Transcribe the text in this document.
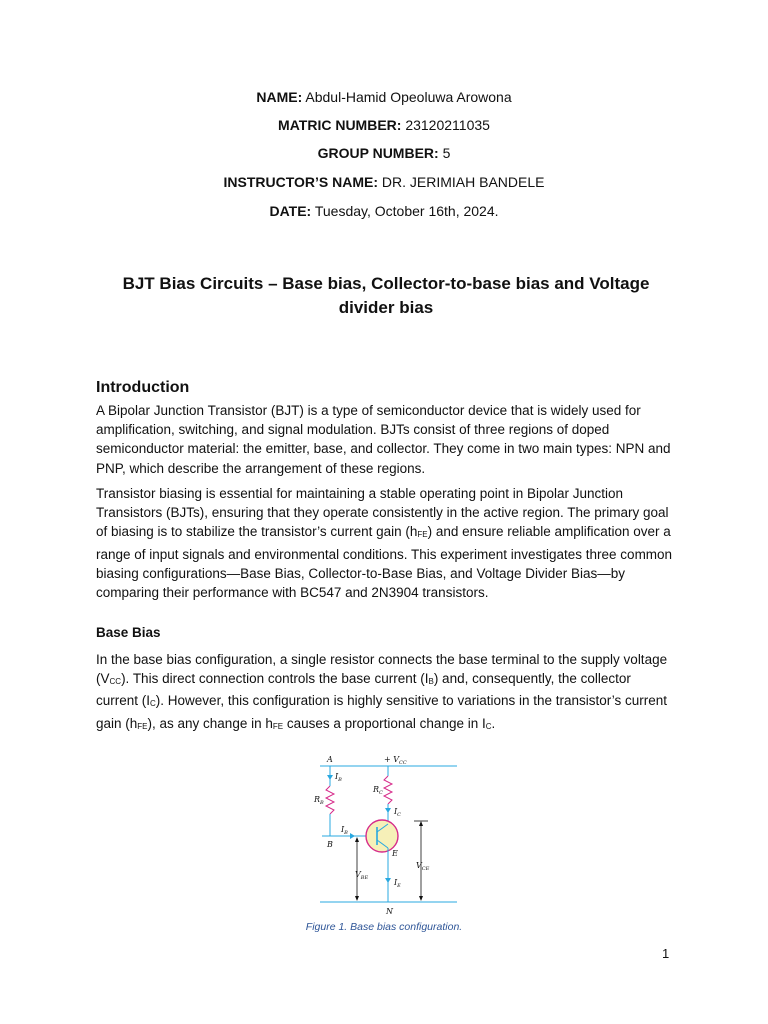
NAME: Abdul-Hamid Opeoluwa Arowona
MATRIC NUMBER: 23120211035
GROUP NUMBER: 5
INSTRUCTOR’S NAME: DR. JERIMIAH BANDELE
DATE: Tuesday, October 16th, 2024.
BJT Bias Circuits – Base bias, Collector-to-base bias and Voltage divider bias
Introduction

A Bipolar Junction Transistor (BJT) is a type of semiconductor device that is widely used for amplification, switching, and signal modulation. BJTs consist of three regions of doped semiconductor material: the emitter, base, and collector. They come in two main types: NPN and PNP, which describe the arrangement of these regions.

Transistor biasing is essential for maintaining a stable operating point in Bipolar Junction Transistors (BJTs), ensuring that they operate consistently in the active region. The primary goal of biasing is to stabilize the transistor’s current gain (hFE) and ensure reliable amplification over a range of input signals and environmental conditions. This experiment investigates three common biasing configurations—Base Bias, Collector-to-Base Bias, and Voltage Divider Bias—by comparing their performance with BC547 and 2N3904 transistors.

Base Bias

In the base bias configuration, a single resistor connects the base terminal to the supply voltage (VCC). This direct connection controls the base current (IB) and, consequently, the collector current (IC). However, this configuration is highly sensitive to variations in the transistor’s current gain (hFE), as any change in hFE causes a proportional change in IC.

A	+ $V_{CC}$
$I_B$
$R_B$
$R_C$
$I_C$
$I_B$
B
E
$V_{BE}$	$I_E$
$V_{CE}$
N
Figure 1. Base bias configuration.
1
